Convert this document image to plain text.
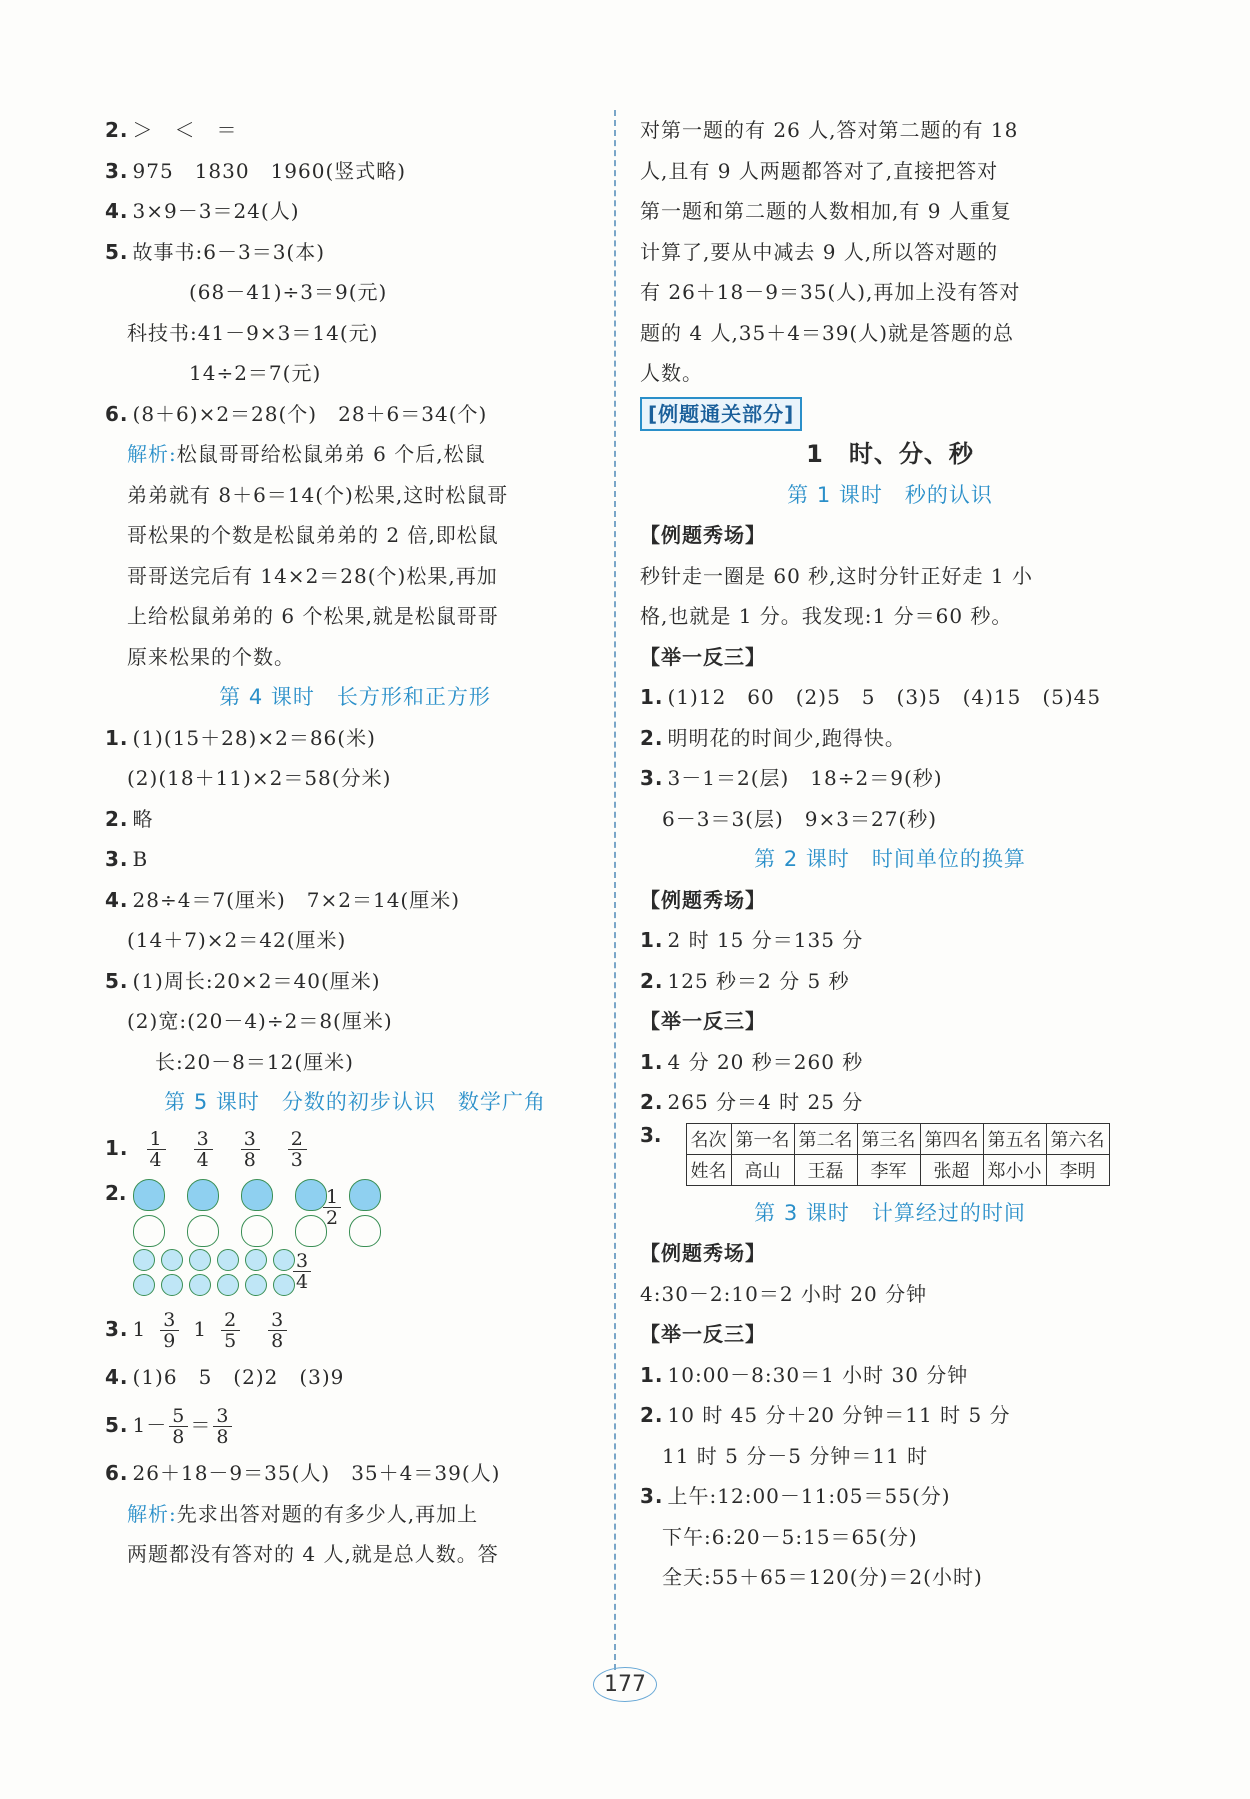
2. ＞　＜　＝
3. 975　1830　1960(竖式略)
4. 3×9－3＝24(人)
5. 故事书:6－3＝3(本)
(68－41)÷3＝9(元)
科技书:41－9×3＝14(元)
14÷2＝7(元)
6. (8＋6)×2＝28(个)　28＋6＝34(个)
解析:松鼠哥哥给松鼠弟弟 6 个后,松鼠
弟弟就有 8＋6＝14(个)松果,这时松鼠哥
哥松果的个数是松鼠弟弟的 2 倍,即松鼠
哥哥送完后有 14×2＝28(个)松果,再加
上给松鼠弟弟的 6 个松果,就是松鼠哥哥
原来松果的个数。
第 4 课时　长方形和正方形
1. (1)(15＋28)×2＝86(米)
(2)(18＋11)×2＝58(分米)
2. 略
3. B
4. 28÷4＝7(厘米)　7×2＝14(厘米)
(14＋7)×2＝42(厘米)
5. (1)周长:20×2＝40(厘米)
(2)宽:(20－4)÷2＝8(厘米)
长:20－8＝12(厘米)
第 5 课时　分数的初步认识　数学广角
1. $\frac{1}{4} \frac{3}{4} \frac{3}{8} \frac{2}{3}$
2.	$\frac{1}{2}$
$\frac{3}{4}$
3. $1 \frac{3}{9} 1 \frac{2}{5} \frac{3}{8}$
4. (1)6　5　(2)2　(3)9
5. $1- \frac{5}{8} = \frac{3}{8}$
6. 26＋18－9＝35(人)　35＋4＝39(人)
解析:先求出答对题的有多少人,再加上
两题都没有答对的 4 人,就是总人数。答
对第一题的有 26 人,答对第二题的有 18
人,且有 9 人两题都答对了,直接把答对
第一题和第二题的人数相加,有 9 人重复
计算了,要从中减去 9 人,所以答对题的
有 26＋18－9＝35(人),再加上没有答对
题的 4 人,35＋4＝39(人)就是答题的总
人数。
[例题通关部分]
1　时、分、秒
第 1 课时　秒的认识
【例题秀场】
秒针走一圈是 60 秒,这时分针正好走 1 小
格,也就是 1 分。我发现:1 分＝60 秒。
【举一反三】
1. (1)12　60　(2)5　5　(3)5　(4)15　(5)45
2. 明明花的时间少,跑得快。
3. 3－1＝2(层)　18÷2＝9(秒)
6－3＝3(层)　9×3＝27(秒)
第 2 课时　时间单位的换算
【例题秀场】
1. 2 时 15 分＝135 分
2. 125 秒＝2 分 5 秒
【举一反三】
1. 4 分 20 秒＝260 秒
2. 265 分＝4 时 25 分
3. 名次	第一名	第二名	第三名	第四名	第五名	第六名
姓名	高山	王磊	李军	张超	郑小小	李明
第 3 课时　计算经过的时间
【例题秀场】
4:30－2:10＝2 小时 20 分钟
【举一反三】
1. 10:00－8:30＝1 小时 30 分钟
2. 10 时 45 分＋20 分钟＝11 时 5 分
11 时 5 分－5 分钟＝11 时
3. 上午:12:00－11:05＝55(分)
下午:6:20－5:15＝65(分)
全天:55＋65＝120(分)＝2(小时)
177
